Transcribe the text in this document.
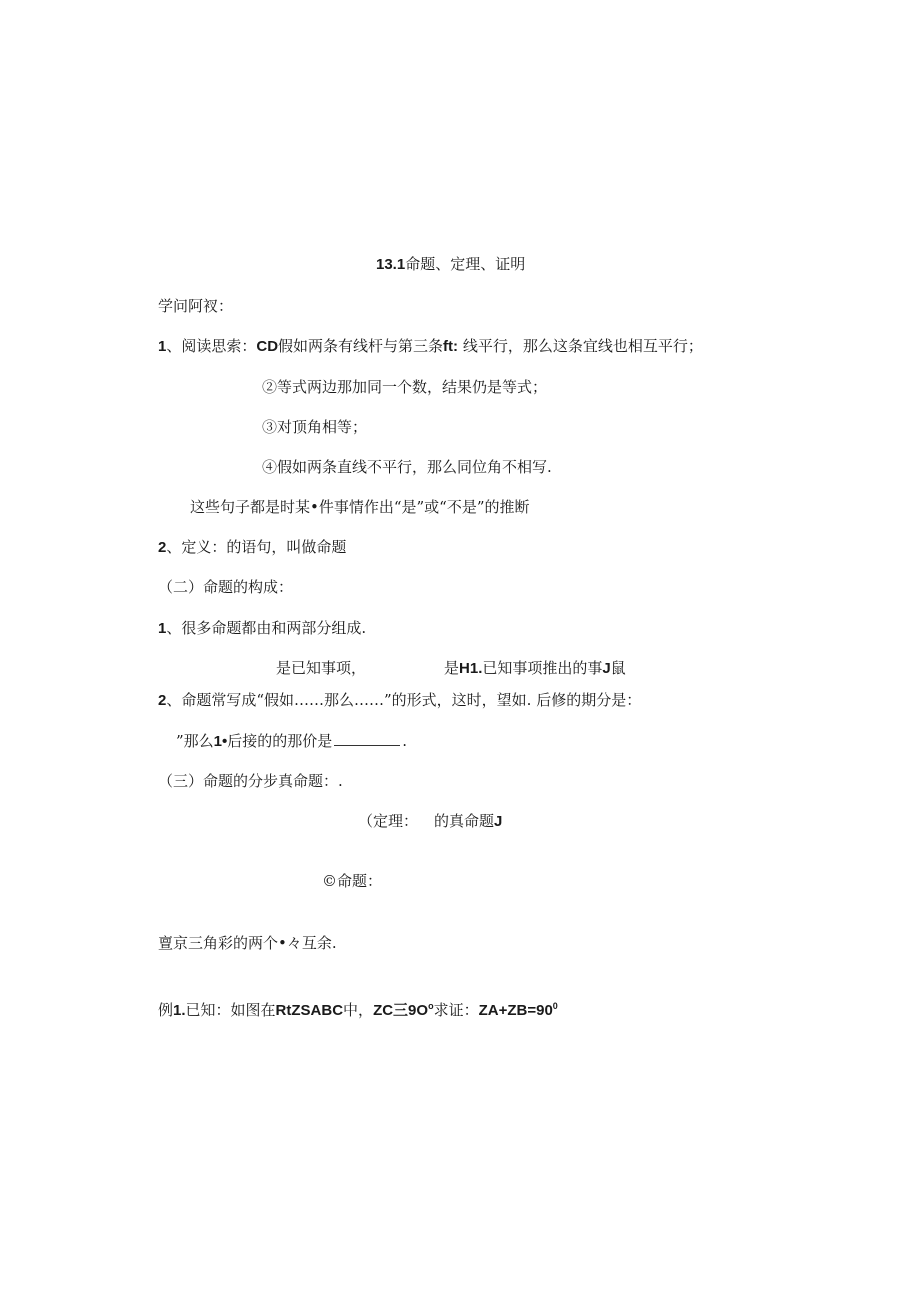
13.1命题、定理、证明
学问阿衩：
1、阅读思索：CD假如两条有线杆与第三条ft: 线平行，那么这条宜线也相互平行；
②等式两边那加同一个数，结果仍是等式；
③对顶角相等；
④假如两条直线不平行，那么同位角不相写.
这些句子都是时某•件事情作出“是”或“不是”的推断
2、定义：的语句，叫做命题
（二）命题的构成：
1、很多命题都由和两部分组成.
是已知事项，	是H1.已知事项推出的事J鼠
2、命题常写成“假如……那么……”的形式，这时，望如. 后修的期分是：
”那么1•后接的的那价是	.
（三）命题的分步真命题：.
（定理： 的真命题J
©命题：
亶京三角彩的两个•々互余.
例1.已知：如图在RtZSABC中，ZC三$9O^o$求证：$ZA+ZB=90^0$
